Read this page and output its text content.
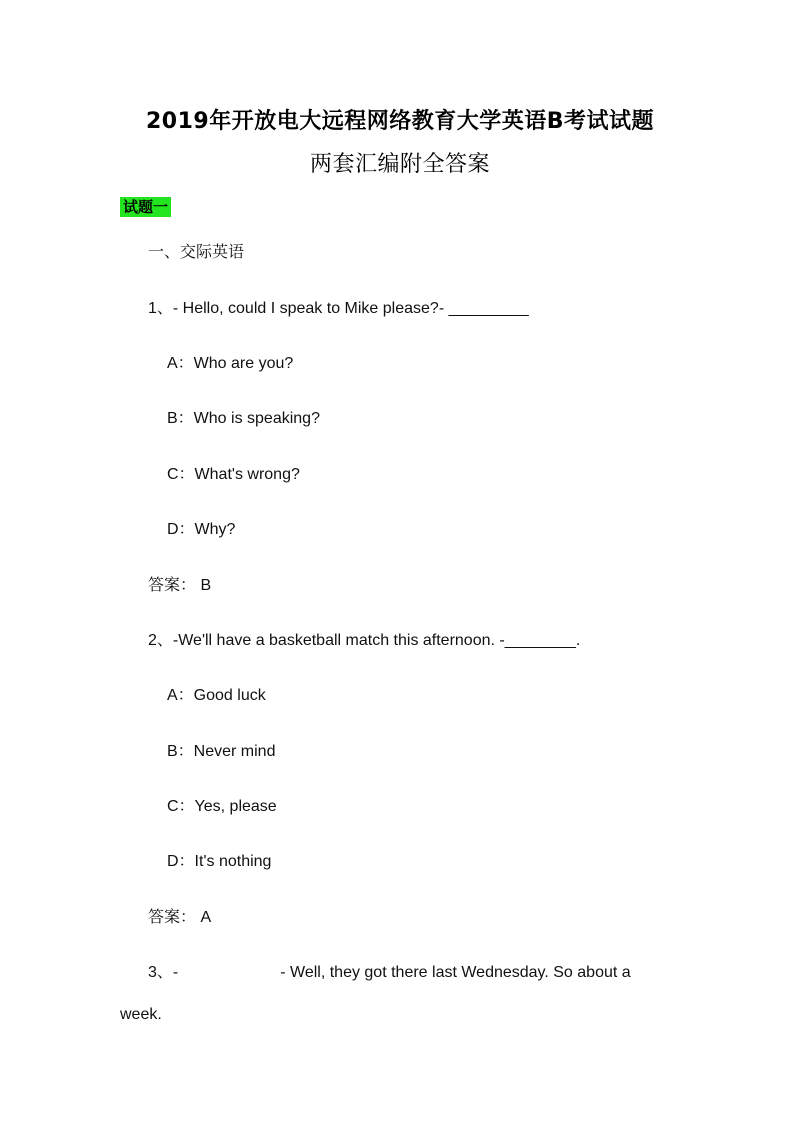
2019年开放电大远程网络教育大学英语B考试试题
两套汇编附全答案
试题一
一、交际英语
1、- Hello, could I speak to Mike please?- _________
A：Who are you?
B：Who is speaking?
C：What's wrong?
D：Why?
答案： B
2、-We'll have a basketball match this afternoon. -________.
A：Good luck
B：Never mind
C：Yes, please
D：It's nothing
答案： A
3、-	- Well, they got there last Wednesday. So about a
week.
